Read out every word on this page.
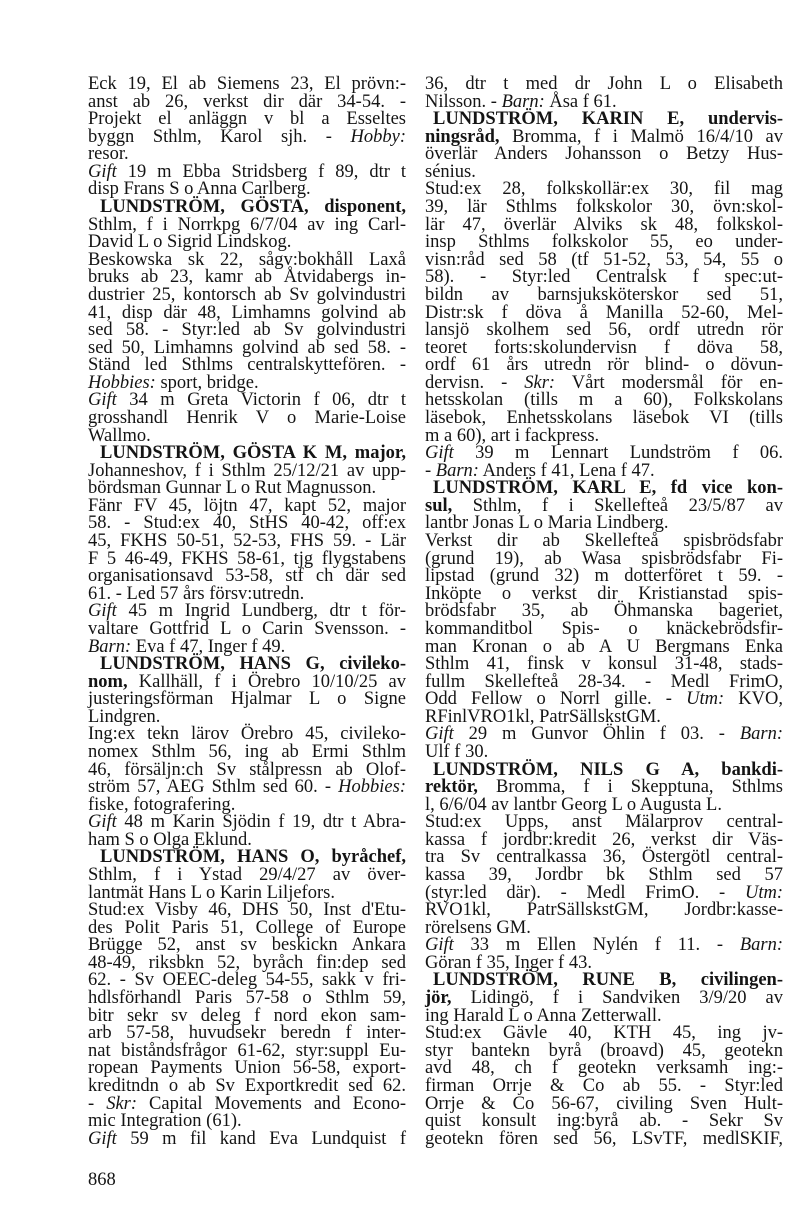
Eck 19, El ab Siemens 23, El prövn:-
anst ab 26, verkst dir där 34-54. -
Projekt el anläggn v bl a Esseltes
byggn Sthlm, Karol sjh. - Hobby:
resor.
Gift 19 m Ebba Stridsberg f 89, dtr t
disp Frans S o Anna Carlberg.
LUNDSTRÖM, GÖSTA, disponent,
Sthlm, f i Norrkpg 6/7/04 av ing Carl-
David L o Sigrid Lindskog.
Beskowska sk 22, sågv:bokhåll Laxå
bruks ab 23, kamr ab Åtvidabergs in-
dustrier 25, kontorsch ab Sv golvindustri
41, disp där 48, Limhamns golvind ab
sed 58. - Styr:led ab Sv golvindustri
sed 50, Limhamns golvind ab sed 58. -
Ständ led Sthlms centralskyttefören. -
Hobbies: sport, bridge.
Gift 34 m Greta Victorin f 06, dtr t
grosshandl Henrik V o Marie-Loise
Wallmo.
LUNDSTRÖM, GÖSTA K M, major,
Johanneshov, f i Sthlm 25/12/21 av upp-
bördsman Gunnar L o Rut Magnusson.
Fänr FV 45, löjtn 47, kapt 52, major
58. - Stud:ex 40, StHS 40-42, off:ex
45, FKHS 50-51, 52-53, FHS 59. - Lär
F 5 46-49, FKHS 58-61, tjg flygstabens
organisationsavd 53-58, stf ch där sed
61. - Led 57 års försv:utredn.
Gift 45 m Ingrid Lundberg, dtr t för-
valtare Gottfrid L o Carin Svensson. -
Barn: Eva f 47, Inger f 49.
LUNDSTRÖM, HANS G, civileko-
nom, Kallhäll, f i Örebro 10/10/25 av
justeringsförman Hjalmar L o Signe
Lindgren.
Ing:ex tekn lärov Örebro 45, civileko-
nomex Sthlm 56, ing ab Ermi Sthlm
46, försäljn:ch Sv stålpressn ab Olof-
ström 57, AEG Sthlm sed 60. - Hobbies:
fiske, fotografering.
Gift 48 m Karin Sjödin f 19, dtr t Abra-
ham S o Olga Eklund.
LUNDSTRÖM, HANS O, byråchef,
Sthlm, f i Ystad 29/4/27 av över-
lantmät Hans L o Karin Liljefors.
Stud:ex Visby 46, DHS 50, Inst d'Etu-
des Polit Paris 51, College of Europe
Brügge 52, anst sv beskickn Ankara
48-49, riksbkn 52, byråch fin:dep sed
62. - Sv OEEC-deleg 54-55, sakk v fri-
hdlsförhandl Paris 57-58 o Sthlm 59,
bitr sekr sv deleg f nord ekon sam-
arb 57-58, huvudsekr beredn f inter-
nat biståndsfrågor 61-62, styr:suppl Eu-
ropean Payments Union 56-58, export-
kreditndn o ab Sv Exportkredit sed 62.
- Skr: Capital Movements and Econo-
mic Integration (61).
Gift 59 m fil kand Eva Lundquist f
36, dtr t med dr John L o Elisabeth
Nilsson. - Barn: Åsa f 61.
LUNDSTRÖM, KARIN E, undervis-
ningsråd, Bromma, f i Malmö 16/4/10 av
överlär Anders Johansson o Betzy Hus-
sénius.
Stud:ex 28, folkskollär:ex 30, fil mag
39, lär Sthlms folkskolor 30, övn:skol-
lär 47, överlär Alviks sk 48, folkskol-
insp Sthlms folkskolor 55, eo under-
visn:råd sed 58 (tf 51-52, 53, 54, 55 o
58). - Styr:led Centralsk f spec:ut-
bildn av barnsjuksköterskor sed 51,
Distr:sk f döva å Manilla 52-60, Mel-
lansjö skolhem sed 56, ordf utredn rör
teoret forts:skolundervisn f döva 58,
ordf 61 års utredn rör blind- o dövun-
dervisn. - Skr: Vårt modersmål för en-
hetsskolan (tills m a 60), Folkskolans
läsebok, Enhetsskolans läsebok VI (tills
m a 60), art i fackpress.
Gift 39 m Lennart Lundström f 06.
- Barn: Anders f 41, Lena f 47.
LUNDSTRÖM, KARL E, fd vice kon-
sul, Sthlm, f i Skellefteå 23/5/87 av
lantbr Jonas L o Maria Lindberg.
Verkst dir ab Skellefteå spisbrödsfabr
(grund 19), ab Wasa spisbrödsfabr Fi-
lipstad (grund 32) m dotterföret t 59. -
Inköpte o verkst dir Kristianstad spis-
brödsfabr 35, ab Öhmanska bageriet,
kommanditbol Spis- o knäckebrödsfir-
man Kronan o ab A U Bergmans Enka
Sthlm 41, finsk v konsul 31-48, stads-
fullm Skellefteå 28-34. - Medl FrimO,
Odd Fellow o Norrl gille. - Utm: KVO,
RFinlVRO1kl, PatrSällskstGM.
Gift 29 m Gunvor Öhlin f 03. - Barn:
Ulf f 30.
LUNDSTRÖM, NILS G A, bankdi-
rektör, Bromma, f i Skepptuna, Sthlms
l, 6/6/04 av lantbr Georg L o Augusta L.
Stud:ex Upps, anst Mälarprov central-
kassa f jordbr:kredit 26, verkst dir Väs-
tra Sv centralkassa 36, Östergötl central-
kassa 39, Jordbr bk Sthlm sed 57
(styr:led där). - Medl FrimO. - Utm:
RVO1kl, PatrSällskstGM, Jordbr:kasse-
rörelsens GM.
Gift 33 m Ellen Nylén f 11. - Barn:
Göran f 35, Inger f 43.
LUNDSTRÖM, RUNE B, civilingen-
jör, Lidingö, f i Sandviken 3/9/20 av
ing Harald L o Anna Zetterwall.
Stud:ex Gävle 40, KTH 45, ing jv-
styr bantekn byrå (broavd) 45, geotekn
avd 48, ch f geotekn verksamh ing:-
firman Orrje & Co ab 55. - Styr:led
Orrje & Co 56-67, civiling Sven Hult-
quist konsult ing:byrå ab. - Sekr Sv
geotekn fören sed 56, LSvTF, medlSKIF,
868
